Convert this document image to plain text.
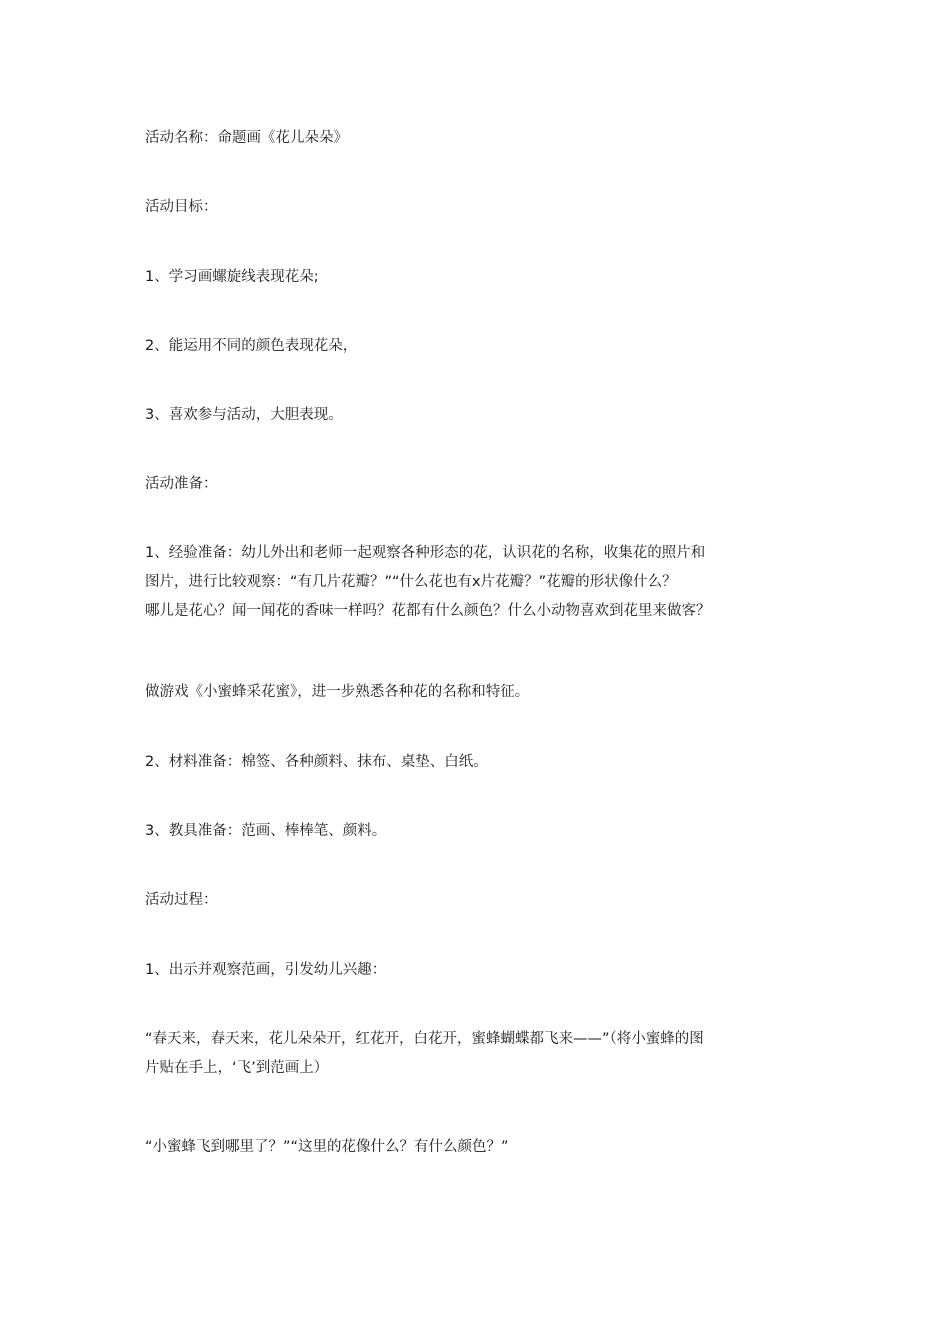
活动名称：命题画《花儿朵朵》

活动目标：

1、学习画螺旋线表现花朵;

2、能运用不同的颜色表现花朵，

3、喜欢参与活动，大胆表现。

活动准备：

1、经验准备：幼儿外出和老师一起观察各种形态的花，认识花的名称，收集花的照片和
图片，进行比较观察：“有几片花瓣？”“什么花也有x片花瓣？”花瓣的形状像什么？
哪儿是花心？闻一闻花的香味一样吗？花都有什么颜色？什么小动物喜欢到花里来做客？

做游戏《小蜜蜂采花蜜》，进一步熟悉各种花的名称和特征。

2、材料准备：棉签、各种颜料、抹布、桌垫、白纸。

3、教具准备：范画、棒棒笔、颜料。

活动过程：

1、出示并观察范画，引发幼儿兴趣：

“春天来，春天来，花儿朵朵开，红花开，白花开，蜜蜂蝴蝶都飞来——”（将小蜜蜂的图
片贴在手上，‘飞’到范画上）

“小蜜蜂飞到哪里了？”“这里的花像什么？有什么颜色？”
